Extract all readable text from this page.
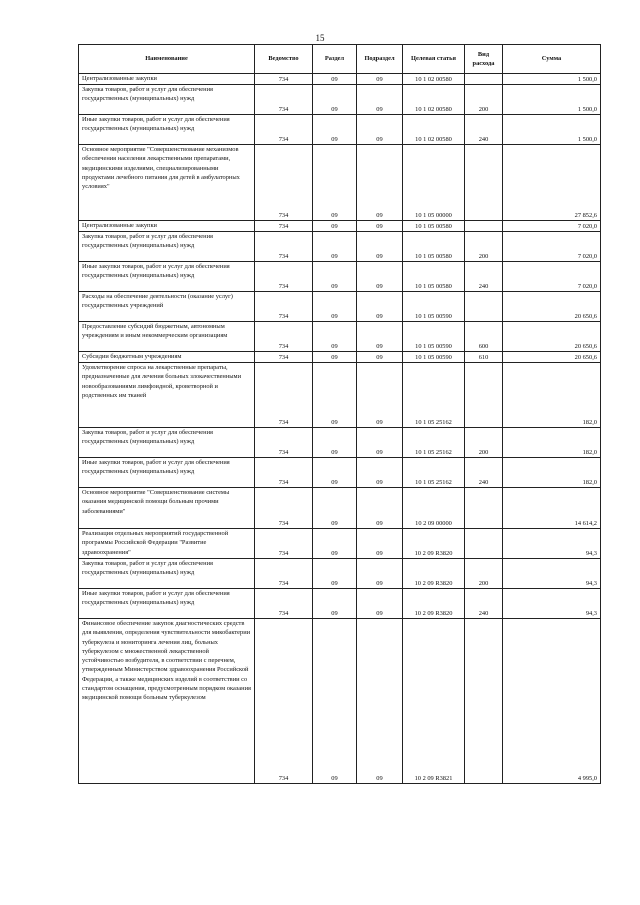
15
Наименование	Ведомство	Раздел	Подраздел	Целевая статья	Вид расхода	Сумма
Централизованные закупки	734	09	09	10 1 02 00580		1 500,0
Закупка товаров, работ и услуг для обеспечения государственных (муниципальных) нужд	734	09	09	10 1 02 00580	200	1 500,0
Иные закупки товаров, работ и услуг для обеспечения государственных (муниципальных) нужд	734	09	09	10 1 02 00580	240	1 500,0
Основное мероприятие "Совершенствование механизмов обеспечения населения лекарственными препаратами, медицинскими изделиями, специализированными продуктами лечебного питания для детей в амбулаторных условиях"	734	09	09	10 1 05 00000		27 852,6
Централизованные закупки	734	09	09	10 1 05 00580		7 020,0
Закупка товаров, работ и услуг для обеспечения государственных (муниципальных) нужд	734	09	09	10 1 05 00580	200	7 020,0
Иные закупки товаров, работ и услуг для обеспечения государственных (муниципальных) нужд	734	09	09	10 1 05 00580	240	7 020,0
Расходы на обеспечение деятельности (оказание услуг) государственных учреждений	734	09	09	10 1 05 00590		20 650,6
Предоставление субсидий бюджетным, автономным учреждениям и иным некоммерческим организациям	734	09	09	10 1 05 00590	600	20 650,6
Субсидии бюджетным учреждениям	734	09	09	10 1 05 00590	610	20 650,6
Удовлетворение спроса на лекарственные препараты, предназначенные для лечения больных злокачественными новообразованиями лимфоидной, кроветворной и родственных им тканей	734	09	09	10 1 05 25162		182,0
Закупка товаров, работ и услуг для обеспечения государственных (муниципальных) нужд	734	09	09	10 1 05 25162	200	182,0
Иные закупки товаров, работ и услуг для обеспечения государственных (муниципальных) нужд	734	09	09	10 1 05 25162	240	182,0
Основное мероприятие "Совершенствование системы оказания медицинской помощи больным прочими заболеваниями"	734	09	09	10 2 09 00000		14 614,2
Реализация отдельных мероприятий государственной программы Российской Федерации "Развитие здравоохранения"	734	09	09	10 2 09 R3820		94,3
Закупка товаров, работ и услуг для обеспечения государственных (муниципальных) нужд	734	09	09	10 2 09 R3820	200	94,3
Иные закупки товаров, работ и услуг для обеспечения государственных (муниципальных) нужд	734	09	09	10 2 09 R3820	240	94,3
Финансовое обеспечение закупок диагностических средств для выявления, определения чувствительности микобактерии туберкулеза и мониторинга лечения лиц, больных туберкулезом с множественной лекарственной устойчивостью возбудителя, в соответствии с перечнем, утвержденным Министерством здравоохранения Российской Федерации, а также медицинских изделий в соответствии со стандартом оснащения, предусмотренным порядком оказания медицинской помощи больным туберкулезом	734	09	09	10 2 09 R3821		4 995,0
